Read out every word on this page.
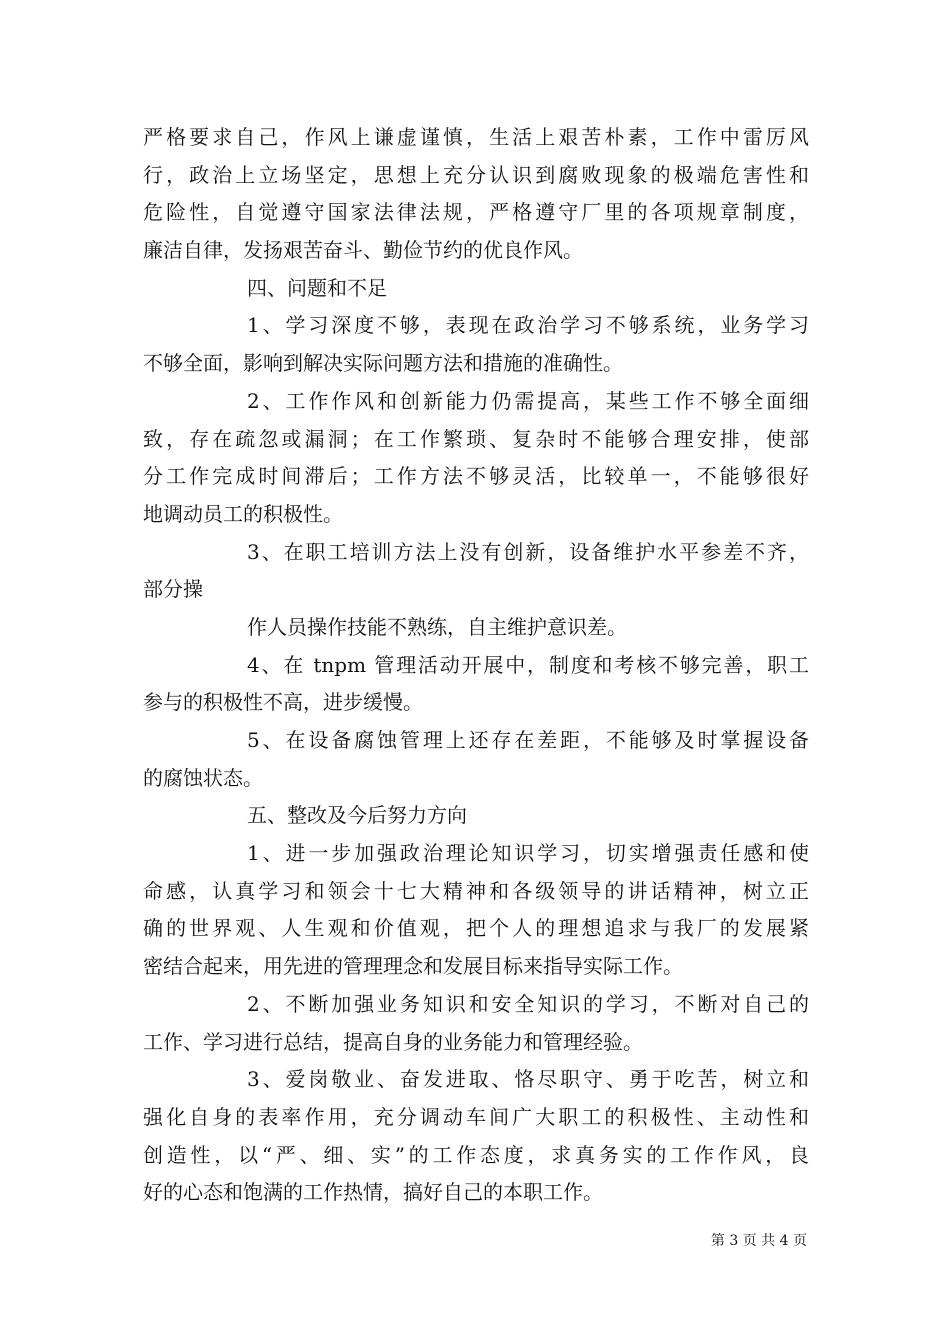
严格要求自己，作风上谦虚谨慎，生活上艰苦朴素，工作中雷厉风
行，政治上立场坚定，思想上充分认识到腐败现象的极端危害性和
危险性，自觉遵守国家法律法规，严格遵守厂里的各项规章制度，
廉洁自律，发扬艰苦奋斗、勤俭节约的优良作风。
四、问题和不足
1、学习深度不够，表现在政治学习不够系统，业务学习
不够全面，影响到解决实际问题方法和措施的准确性。
2、工作作风和创新能力仍需提高，某些工作不够全面细
致，存在疏忽或漏洞；在工作繁琐、复杂时不能够合理安排，使部
分工作完成时间滞后；工作方法不够灵活，比较单一，不能够很好
地调动员工的积极性。
3、在职工培训方法上没有创新，设备维护水平参差不齐，
部分操
作人员操作技能不熟练，自主维护意识差。
4、在 tnpm 管理活动开展中，制度和考核不够完善，职工
参与的积极性不高，进步缓慢。
5、在设备腐蚀管理上还存在差距，不能够及时掌握设备
的腐蚀状态。
五、整改及今后努力方向
1、进一步加强政治理论知识学习，切实增强责任感和使
命感，认真学习和领会十七大精神和各级领导的讲话精神，树立正
确的世界观、人生观和价值观，把个人的理想追求与我厂的发展紧
密结合起来，用先进的管理理念和发展目标来指导实际工作。
2、不断加强业务知识和安全知识的学习，不断对自己的
工作、学习进行总结，提高自身的业务能力和管理经验。
3、爱岗敬业、奋发进取、恪尽职守、勇于吃苦，树立和
强化自身的表率作用，充分调动车间广大职工的积极性、主动性和
创造性，以“严、细、实”的工作态度，求真务实的工作作风，良
好的心态和饱满的工作热情，搞好自己的本职工作。
第 3 页 共 4 页
